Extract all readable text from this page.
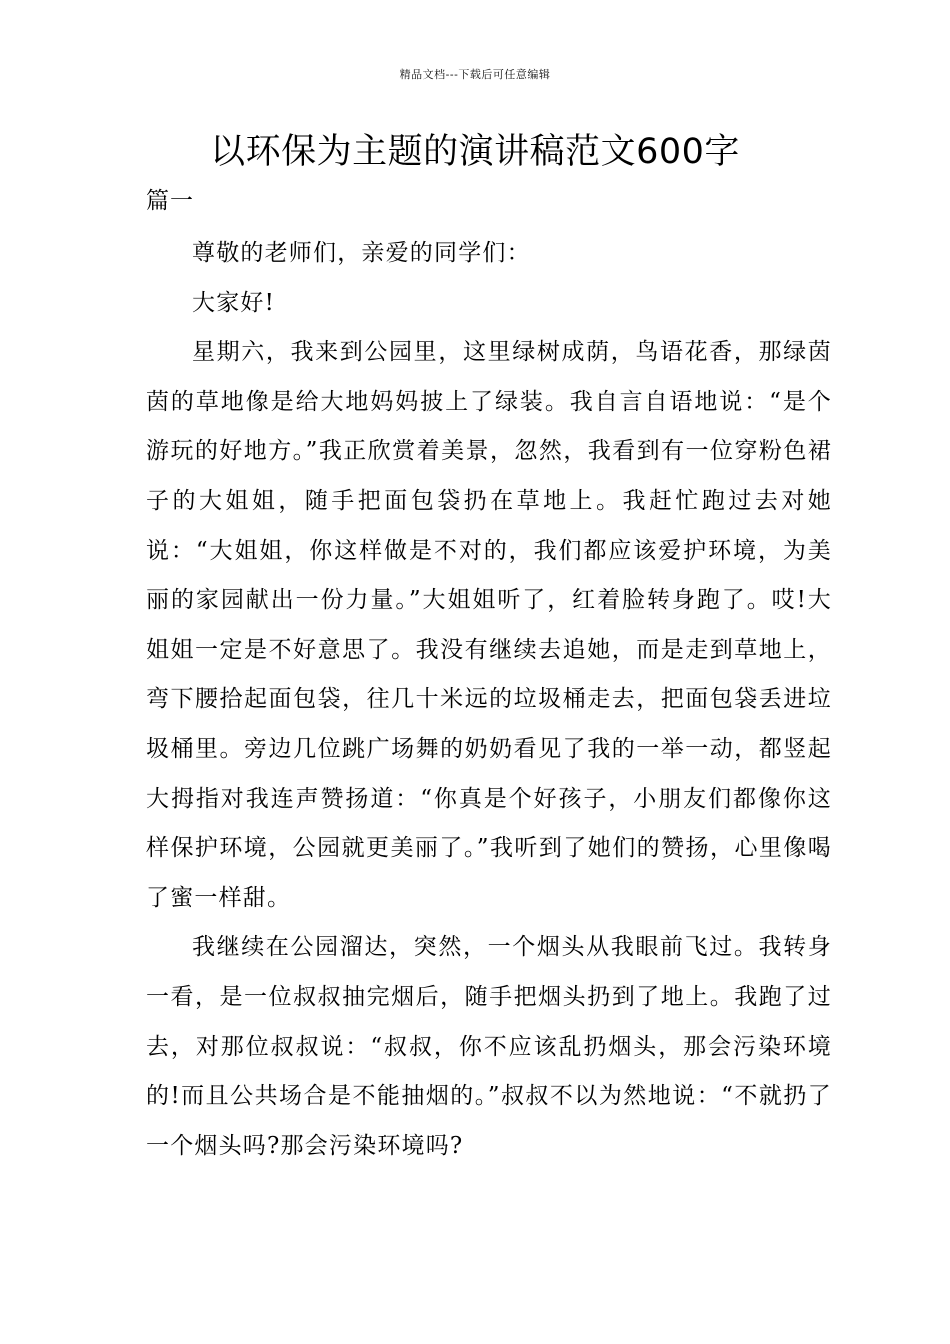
精品文档---下载后可任意编辑
以环保为主题的演讲稿范文600字
篇一

尊敬的老师们，亲爱的同学们：

大家好!

星期六，我来到公园里，这里绿树成荫，鸟语花香，那绿茵茵的草地像是给大地妈妈披上了绿装。我自言自语地说：“是个游玩的好地方。”我正欣赏着美景，忽然，我看到有一位穿粉色裙子的大姐姐，随手把面包袋扔在草地上。我赶忙跑过去对她说：“大姐姐，你这样做是不对的，我们都应该爱护环境，为美丽的家园献出一份力量。”大姐姐听了，红着脸转身跑了。哎!大姐姐一定是不好意思了。我没有继续去追她，而是走到草地上，弯下腰拾起面包袋，往几十米远的垃圾桶走去，把面包袋丢进垃圾桶里。旁边几位跳广场舞的奶奶看见了我的一举一动，都竖起大拇指对我连声赞扬道：“你真是个好孩子，小朋友们都像你这样保护环境，公园就更美丽了。”我听到了她们的赞扬，心里像喝了蜜一样甜。

我继续在公园溜达，突然，一个烟头从我眼前飞过。我转身一看，是一位叔叔抽完烟后，随手把烟头扔到了地上。我跑了过去，对那位叔叔说：“叔叔，你不应该乱扔烟头，那会污染环境的!而且公共场合是不能抽烟的。”叔叔不以为然地说：“不就扔了一个烟头吗?那会污染环境吗?
